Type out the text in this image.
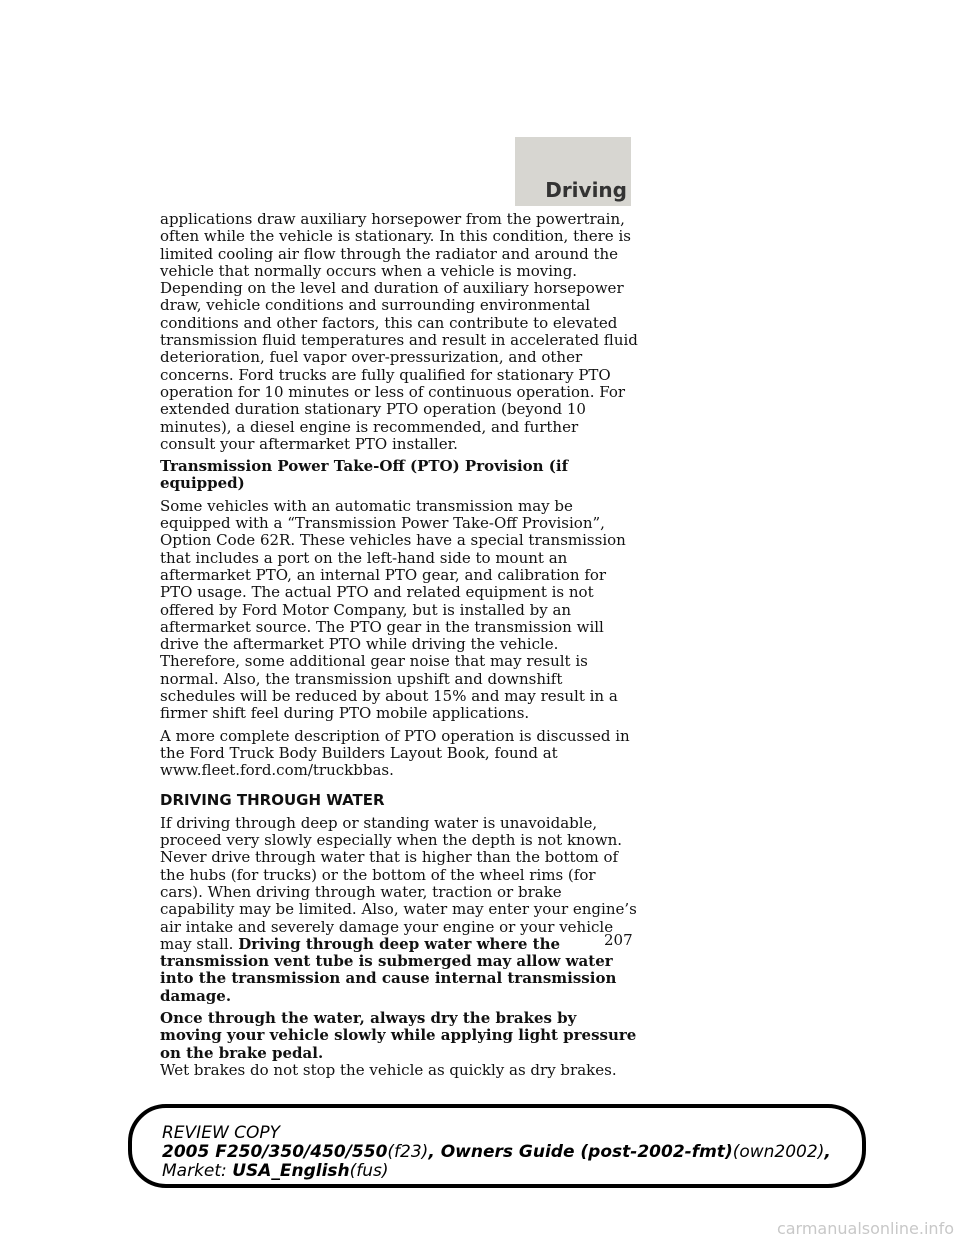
Driving

applications draw auxiliary horsepower from the powertrain, often while the vehicle is stationary. In this condition, there is limited cooling air flow through the radiator and around the vehicle that normally occurs when a vehicle is moving. Depending on the level and duration of auxiliary horsepower draw, vehicle conditions and surrounding environmental conditions and other factors, this can contribute to elevated transmission fluid temperatures and result in accelerated fluid deterioration, fuel vapor over-pressurization, and other concerns. Ford trucks are fully qualified for stationary PTO operation for 10 minutes or less of continuous operation. For extended duration stationary PTO operation (beyond 10 minutes), a diesel engine is recommended, and further consult your aftermarket PTO installer.

Transmission Power Take-Off (PTO) Provision (if equipped)

Some vehicles with an automatic transmission may be equipped with a “Transmission Power Take-Off Provision”, Option Code 62R. These vehicles have a special transmission that includes a port on the left-hand side to mount an aftermarket PTO, an internal PTO gear, and calibration for PTO usage. The actual PTO and related equipment is not offered by Ford Motor Company, but is installed by an aftermarket source. The PTO gear in the transmission will drive the aftermarket PTO while driving the vehicle. Therefore, some additional gear noise that may result is normal. Also, the transmission upshift and downshift schedules will be reduced by about 15% and may result in a firmer shift feel during PTO mobile applications.

A more complete description of PTO operation is discussed in the Ford Truck Body Builders Layout Book, found at www.fleet.ford.com/truckbbas.

DRIVING THROUGH WATER

If driving through deep or standing water is unavoidable, proceed very slowly especially when the depth is not known. Never drive through water that is higher than the bottom of the hubs (for trucks) or the bottom of the wheel rims (for cars). When driving through water, traction or brake capability may be limited. Also, water may enter your engine’s air intake and severely damage your engine or your vehicle may stall. Driving through deep water where the transmission vent tube is submerged may allow water into the transmission and cause internal transmission damage.

Once through the water, always dry the brakes by moving your vehicle slowly while applying light pressure on the brake pedal.
Wet brakes do not stop the vehicle as quickly as dry brakes.

207
REVIEW COPY
2005 F250/350/450/550(f23), Owners Guide (post-2002-fmt)(own2002),
Market: USA_English(fus)
carmanualsonline.info
